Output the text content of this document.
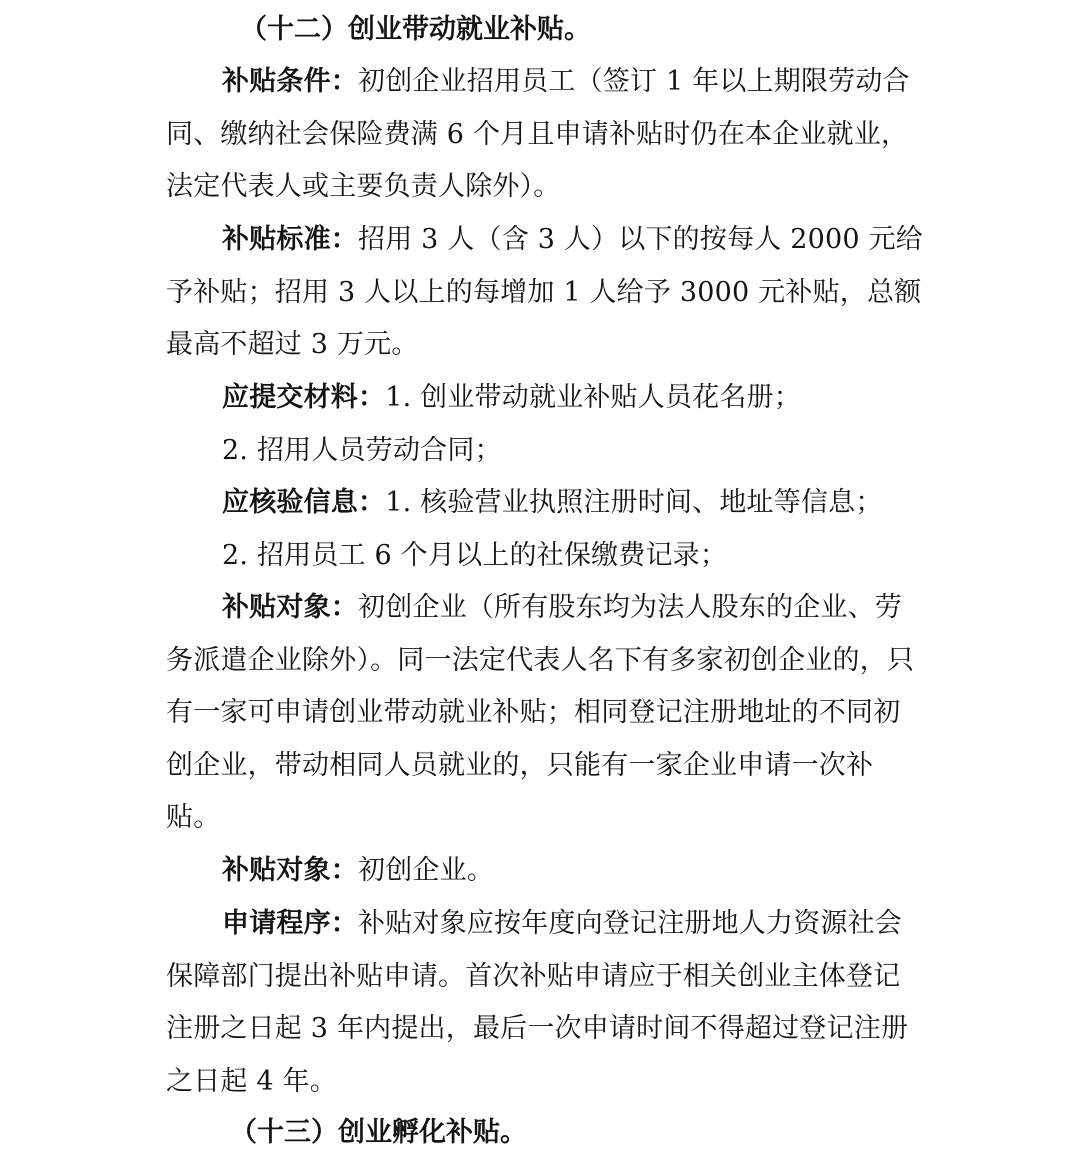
（十二）创业带动就业补贴。
补贴条件：初创企业招用员工（签订 1 年以上期限劳动合同、缴纳社会保险费满 6 个月且申请补贴时仍在本企业就业，法定代表人或主要负责人除外）。
补贴标准：招用 3 人（含 3 人）以下的按每人 2000 元给予补贴；招用 3 人以上的每增加 1 人给予 3000 元补贴，总额最高不超过 3 万元。
应提交材料：1. 创业带动就业补贴人员花名册；
2. 招用人员劳动合同；
应核验信息：1. 核验营业执照注册时间、地址等信息；
2. 招用员工 6 个月以上的社保缴费记录；
补贴对象：初创企业（所有股东均为法人股东的企业、劳务派遣企业除外）。同一法定代表人名下有多家初创企业的，只有一家可申请创业带动就业补贴；相同登记注册地址的不同初创企业，带动相同人员就业的，只能有一家企业申请一次补贴。
补贴对象：初创企业。
申请程序：补贴对象应按年度向登记注册地人力资源社会保障部门提出补贴申请。首次补贴申请应于相关创业主体登记注册之日起 3 年内提出，最后一次申请时间不得超过登记注册之日起 4 年。
（十三）创业孵化补贴。
